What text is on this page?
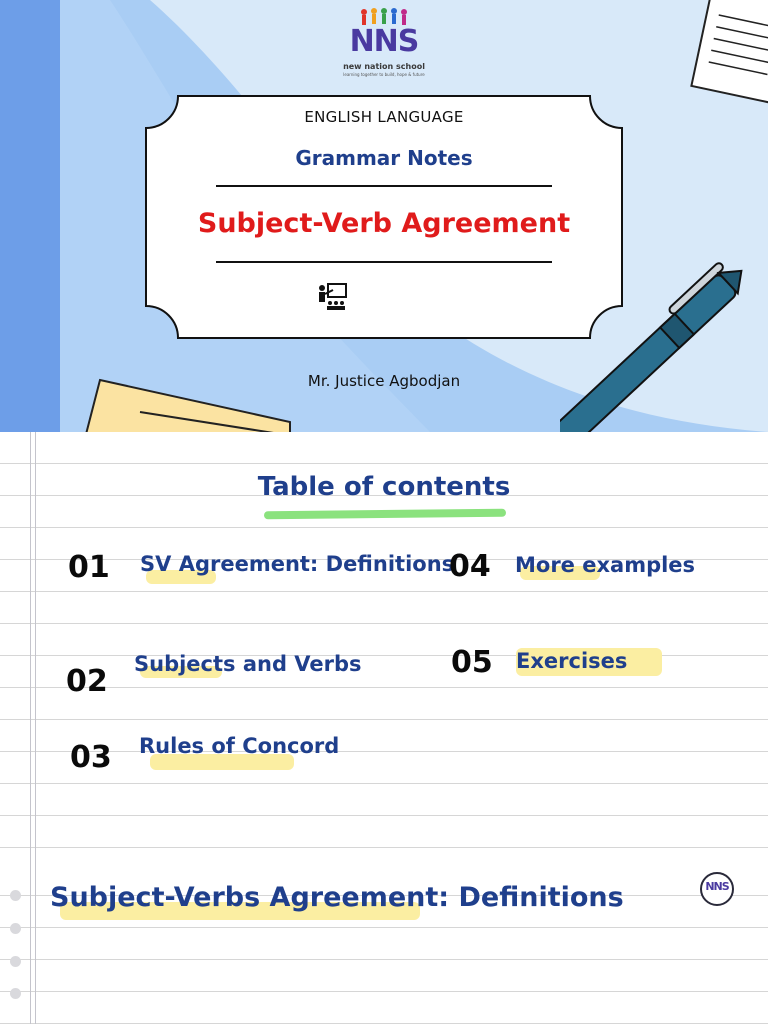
NNS
new nation school
learning together to build, hope & future
ENGLISH LANGUAGE
Grammar Notes
Subject-Verb Agreement
Mr. Justice Agbodjan
Table of contents
01 SV Agreement: Definitions
02 Subjects and Verbs
03 Rules of Concord
04 More examples
05 Exercises
Subject-Verbs Agreement: Definitions	NNS
